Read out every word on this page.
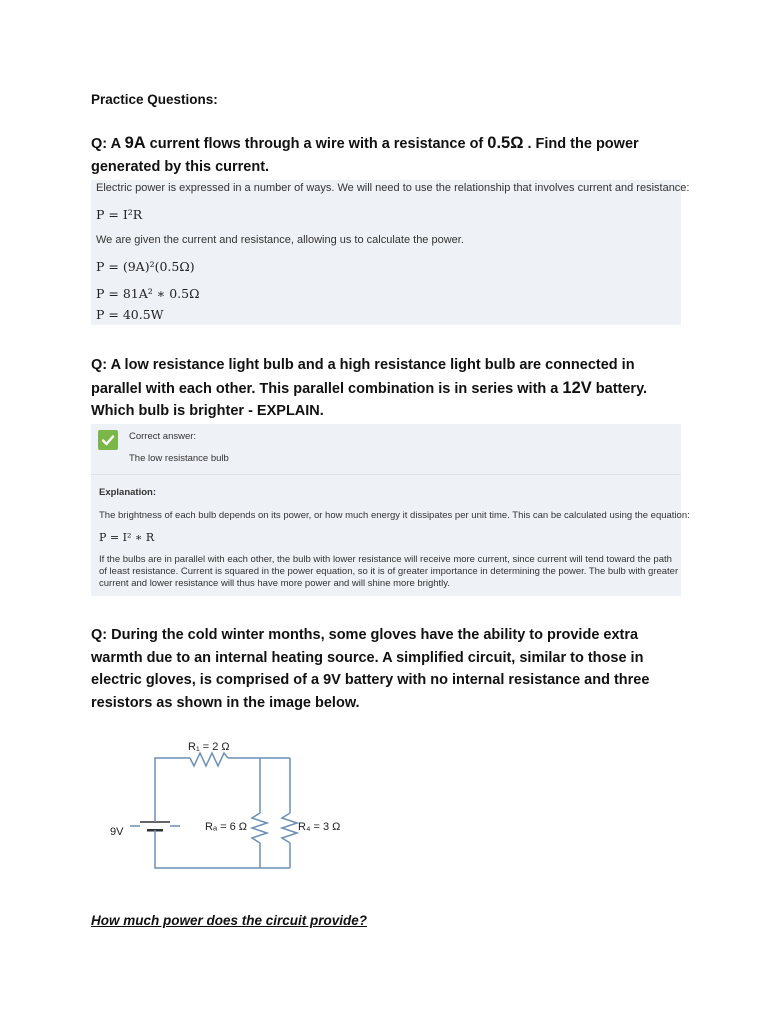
Practice Questions:
Q: A 9A current flows through a wire with a resistance of 0.5Ω . Find the power generated by this current.
Electric power is expressed in a number of ways. We will need to use the relationship that involves current and resistance:
P = I²R
We are given the current and resistance, allowing us to calculate the power.
P = (9A)²(0.5Ω)
P = 81A² ∗ 0.5Ω
P = 40.5W
Q: A low resistance light bulb and a high resistance light bulb are connected in parallel with each other. This parallel combination is in series with a 12V battery. Which bulb is brighter - EXPLAIN.
Correct answer:
The low resistance bulb
Explanation:
The brightness of each bulb depends on its power, or how much energy it dissipates per unit time. This can be calculated using the equation:
P = I² ∗ R
If the bulbs are in parallel with each other, the bulb with lower resistance will receive more current, since current will tend toward the path of least resistance. Current is squared in the power equation, so it is of greater importance in determining the power. The bulb with greater current and lower resistance will thus have more power and will shine more brightly.
Q: During the cold winter months, some gloves have the ability to provide extra warmth due to an internal heating source. A simplified circuit, similar to those in electric gloves, is comprised of a 9V battery with no internal resistance and three resistors as shown in the image below.
R₁ = 2 Ω
Rₐ = 6 Ω	R₄ = 3 Ω
9V
How much power does the circuit provide?
